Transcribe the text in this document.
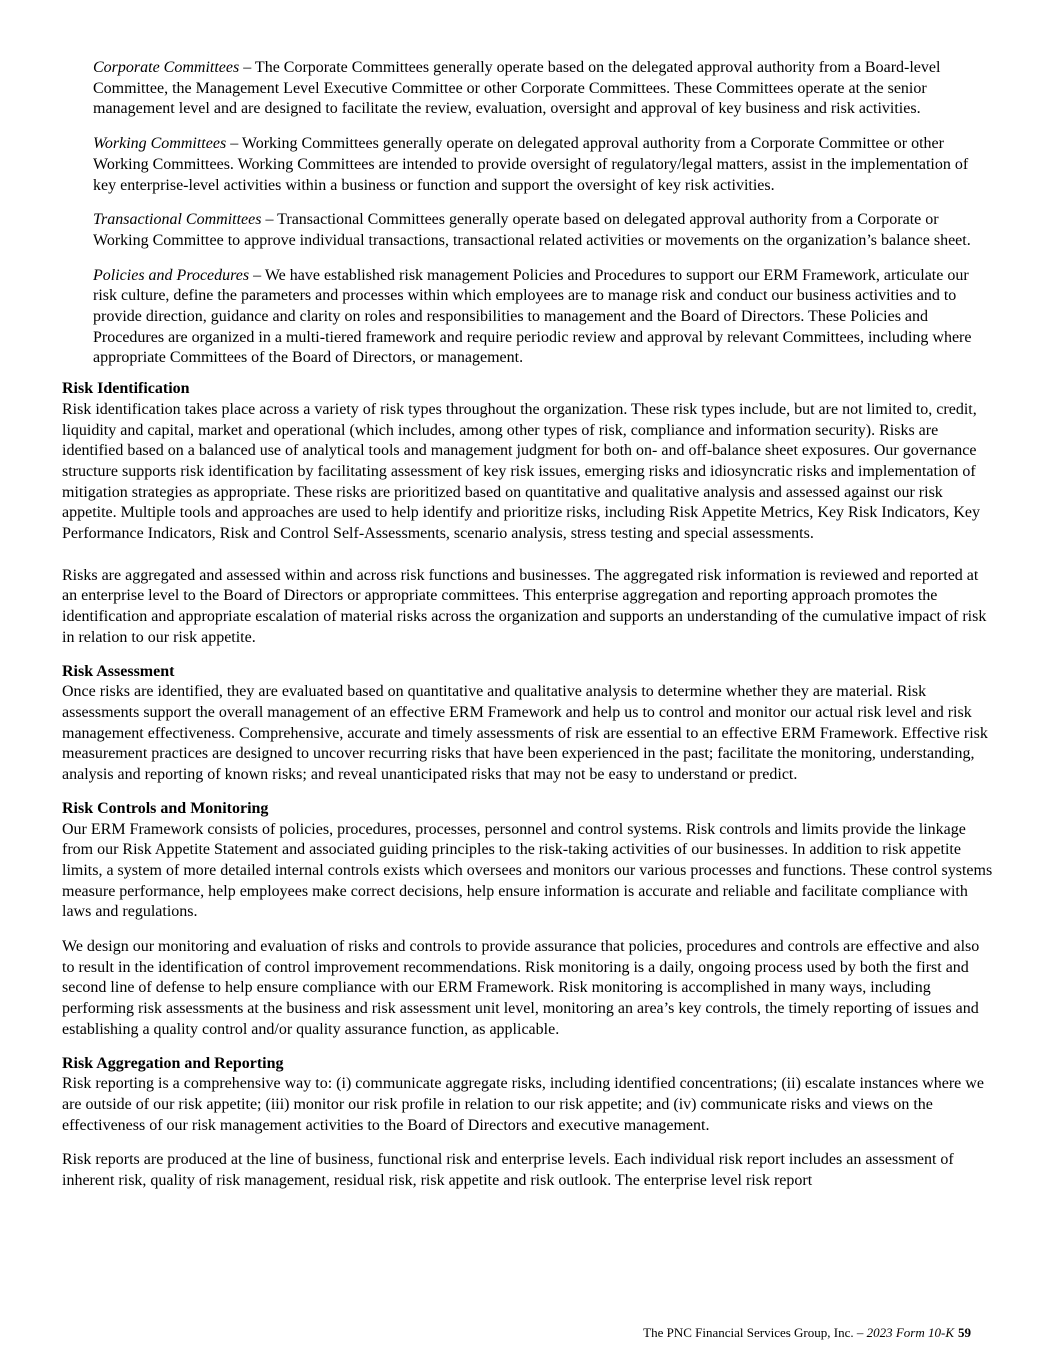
Corporate Committees – The Corporate Committees generally operate based on the delegated approval authority from a Board-level Committee, the Management Level Executive Committee or other Corporate Committees. These Committees operate at the senior management level and are designed to facilitate the review, evaluation, oversight and approval of key business and risk activities.

Working Committees – Working Committees generally operate on delegated approval authority from a Corporate Committee or other Working Committees. Working Committees are intended to provide oversight of regulatory/legal matters, assist in the implementation of key enterprise-level activities within a business or function and support the oversight of key risk activities.

Transactional Committees – Transactional Committees generally operate based on delegated approval authority from a Corporate or Working Committee to approve individual transactions, transactional related activities or movements on the organization’s balance sheet.

Policies and Procedures – We have established risk management Policies and Procedures to support our ERM Framework, articulate our risk culture, define the parameters and processes within which employees are to manage risk and conduct our business activities and to provide direction, guidance and clarity on roles and responsibilities to management and the Board of Directors. These Policies and Procedures are organized in a multi-tiered framework and require periodic review and approval by relevant Committees, including where appropriate Committees of the Board of Directors, or management.

Risk Identification

Risk identification takes place across a variety of risk types throughout the organization. These risk types include, but are not limited to, credit, liquidity and capital, market and operational (which includes, among other types of risk, compliance and information security). Risks are identified based on a balanced use of analytical tools and management judgment for both on- and off-balance sheet exposures. Our governance structure supports risk identification by facilitating assessment of key risk issues, emerging risks and idiosyncratic risks and implementation of mitigation strategies as appropriate. These risks are prioritized based on quantitative and qualitative analysis and assessed against our risk appetite. Multiple tools and approaches are used to help identify and prioritize risks, including Risk Appetite Metrics, Key Risk Indicators, Key Performance Indicators, Risk and Control Self-Assessments, scenario analysis, stress testing and special assessments.

Risks are aggregated and assessed within and across risk functions and businesses. The aggregated risk information is reviewed and reported at an enterprise level to the Board of Directors or appropriate committees. This enterprise aggregation and reporting approach promotes the identification and appropriate escalation of material risks across the organization and supports an understanding of the cumulative impact of risk in relation to our risk appetite.

Risk Assessment

Once risks are identified, they are evaluated based on quantitative and qualitative analysis to determine whether they are material. Risk assessments support the overall management of an effective ERM Framework and help us to control and monitor our actual risk level and risk management effectiveness. Comprehensive, accurate and timely assessments of risk are essential to an effective ERM Framework. Effective risk measurement practices are designed to uncover recurring risks that have been experienced in the past; facilitate the monitoring, understanding, analysis and reporting of known risks; and reveal unanticipated risks that may not be easy to understand or predict.

Risk Controls and Monitoring

Our ERM Framework consists of policies, procedures, processes, personnel and control systems. Risk controls and limits provide the linkage from our Risk Appetite Statement and associated guiding principles to the risk-taking activities of our businesses. In addition to risk appetite limits, a system of more detailed internal controls exists which oversees and monitors our various processes and functions. These control systems measure performance, help employees make correct decisions, help ensure information is accurate and reliable and facilitate compliance with laws and regulations.

We design our monitoring and evaluation of risks and controls to provide assurance that policies, procedures and controls are effective and also to result in the identification of control improvement recommendations. Risk monitoring is a daily, ongoing process used by both the first and second line of defense to help ensure compliance with our ERM Framework. Risk monitoring is accomplished in many ways, including performing risk assessments at the business and risk assessment unit level, monitoring an area’s key controls, the timely reporting of issues and establishing a quality control and/or quality assurance function, as applicable.

Risk Aggregation and Reporting

Risk reporting is a comprehensive way to: (i) communicate aggregate risks, including identified concentrations; (ii) escalate instances where we are outside of our risk appetite; (iii) monitor our risk profile in relation to our risk appetite; and (iv) communicate risks and views on the effectiveness of our risk management activities to the Board of Directors and executive management.

Risk reports are produced at the line of business, functional risk and enterprise levels. Each individual risk report includes an assessment of inherent risk, quality of risk management, residual risk, risk appetite and risk outlook. The enterprise level risk report

The PNC Financial Services Group, Inc. – 2023 Form 10-K 59
